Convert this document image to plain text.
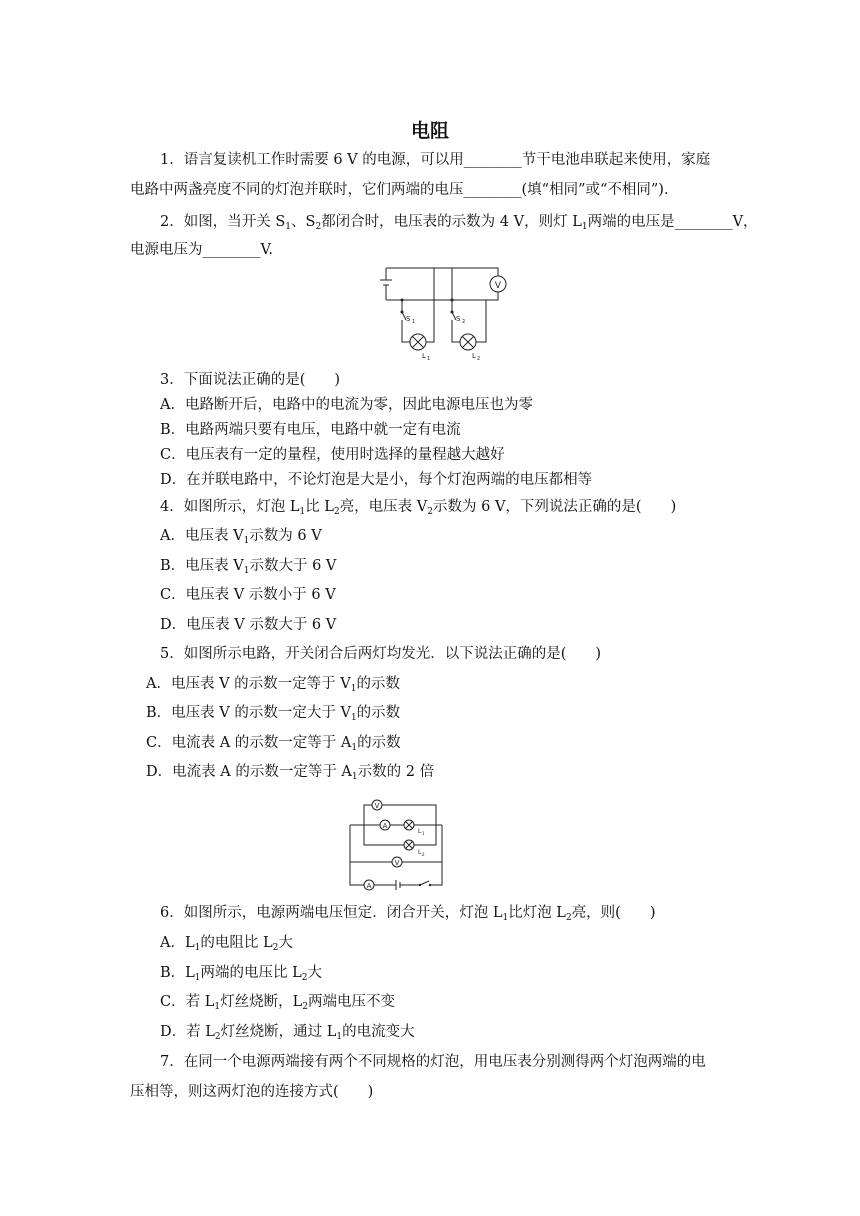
电阻
1．语言复读机工作时需要 6 V 的电源，可以用________节干电池串联起来使用，家庭
电路中两盏亮度不同的灯泡并联时，它们两端的电压________(填“相同”或“不相同”)．
2．如图，当开关 $S_1$、$S_2$都闭合时，电压表的示数为 4 V，则灯 $L_1$两端的电压是________V，
电源电压为________V.
V
S 1	S 2
L 1	L 2
3．下面说法正确的是(　　)
A．电路断开后，电路中的电流为零，因此电源电压也为零
B．电路两端只要有电压，电路中就一定有电流
C．电压表有一定的量程，使用时选择的量程越大越好
D．在并联电路中，不论灯泡是大是小，每个灯泡两端的电压都相等
4．如图所示，灯泡 $L_1$比 $L_2$亮，电压表 $V_2$示数为 6 V，下列说法正确的是(　　)
A．电压表 $V_1$示数为 6 V
B．电压表 $V_1$示数大于 6 V
C．电压表 V 示数小于 6 V
D．电压表 V 示数大于 6 V
5．如图所示电路，开关闭合后两灯均发光．以下说法正确的是(　　)
A．电压表 V 的示数一定等于 $V_1$的示数
B．电压表 V 的示数一定大于 $V_1$的示数
C．电流表 A 的示数一定等于 $A_1$的示数
D．电流表 A 的示数一定等于 $A_1$示数的 2 倍
V
A
V
A
L 1
L 2
6．如图所示，电源两端电压恒定．闭合开关，灯泡 $L_1$比灯泡 $L_2$亮，则(　　)
A．$L_1$的电阻比 $L_2$大
B．$L_1$两端的电压比 $L_2$大
C．若 $L_1$灯丝烧断，$L_2$两端电压不变
D．若 $L_2$灯丝烧断，通过 $L_1$的电流变大
7．在同一个电源两端接有两个不同规格的灯泡，用电压表分别测得两个灯泡两端的电
压相等，则这两灯泡的连接方式(　　)
